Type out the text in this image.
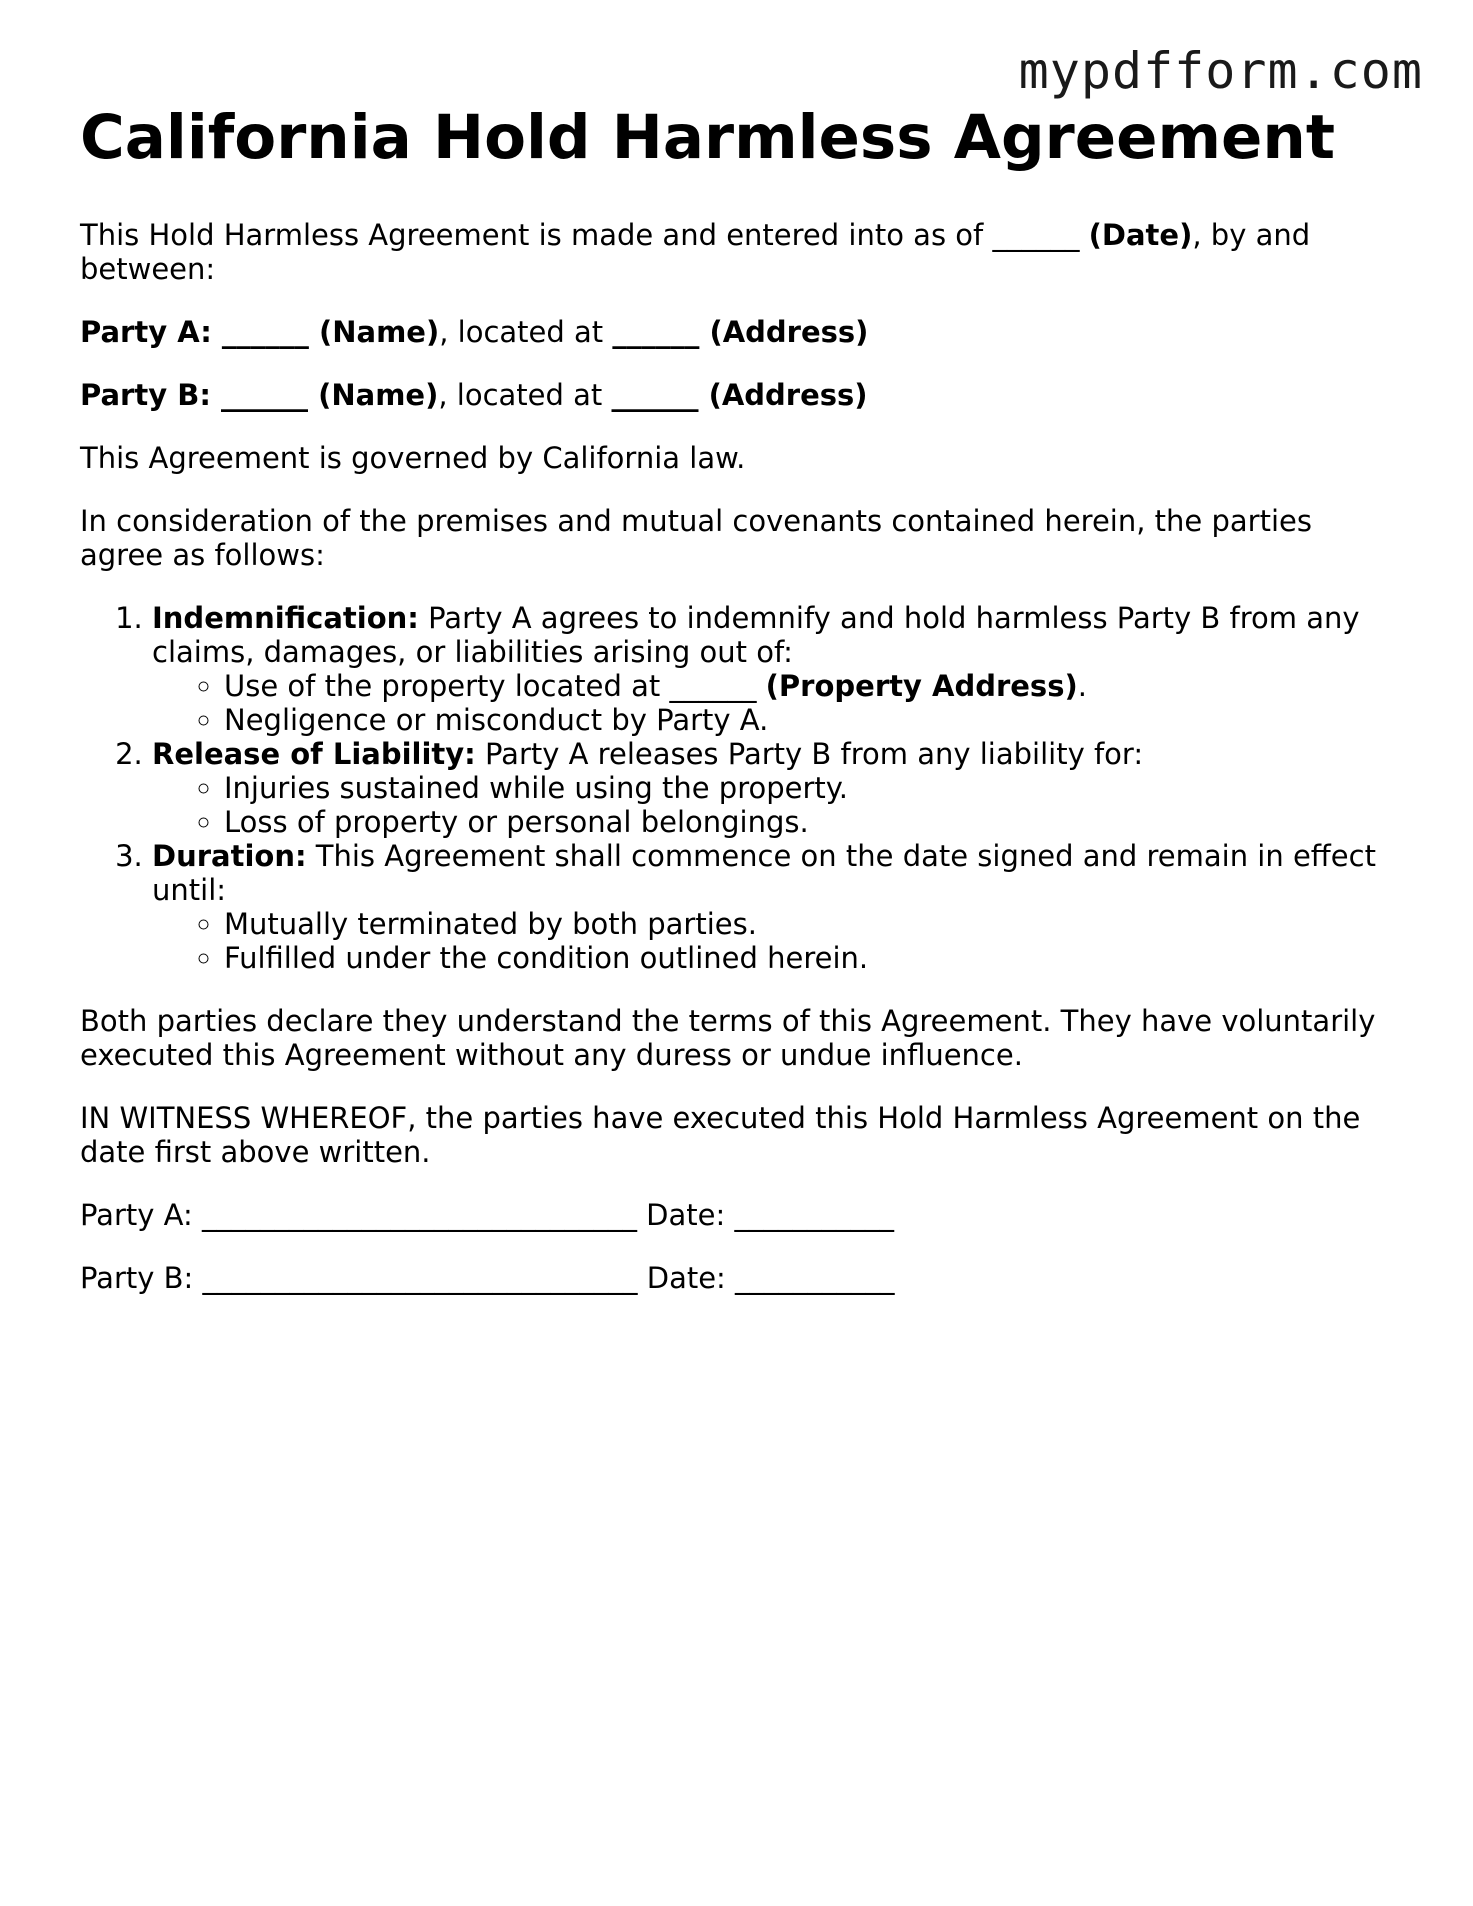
mypdfform.com
California Hold Harmless Agreement

This Hold Harmless Agreement is made and entered into as of ______ (Date), by and between:

Party A: ______ (Name), located at ______ (Address)

Party B: ______ (Name), located at ______ (Address)

This Agreement is governed by California law.

In consideration of the premises and mutual covenants contained herein, the parties agree as follows:

1. Indemnification: Party A agrees to indemnify and hold harmless Party B from any claims, damages, or liabilities arising out of:
◦ Use of the property located at ______ (Property Address).
◦ Negligence or misconduct by Party A.
2. Release of Liability: Party A releases Party B from any liability for:
◦ Injuries sustained while using the property.
◦ Loss of property or personal belongings.
3. Duration: This Agreement shall commence on the date signed and remain in effect until:
◦ Mutually terminated by both parties.
◦ Fulfilled under the condition outlined herein.

Both parties declare they understand the terms of this Agreement. They have voluntarily executed this Agreement without any duress or undue influence.

IN WITNESS WHEREOF, the parties have executed this Hold Harmless Agreement on the date first above written.

Party A: ______________________________ Date: ___________
Party B: ______________________________ Date: ___________
